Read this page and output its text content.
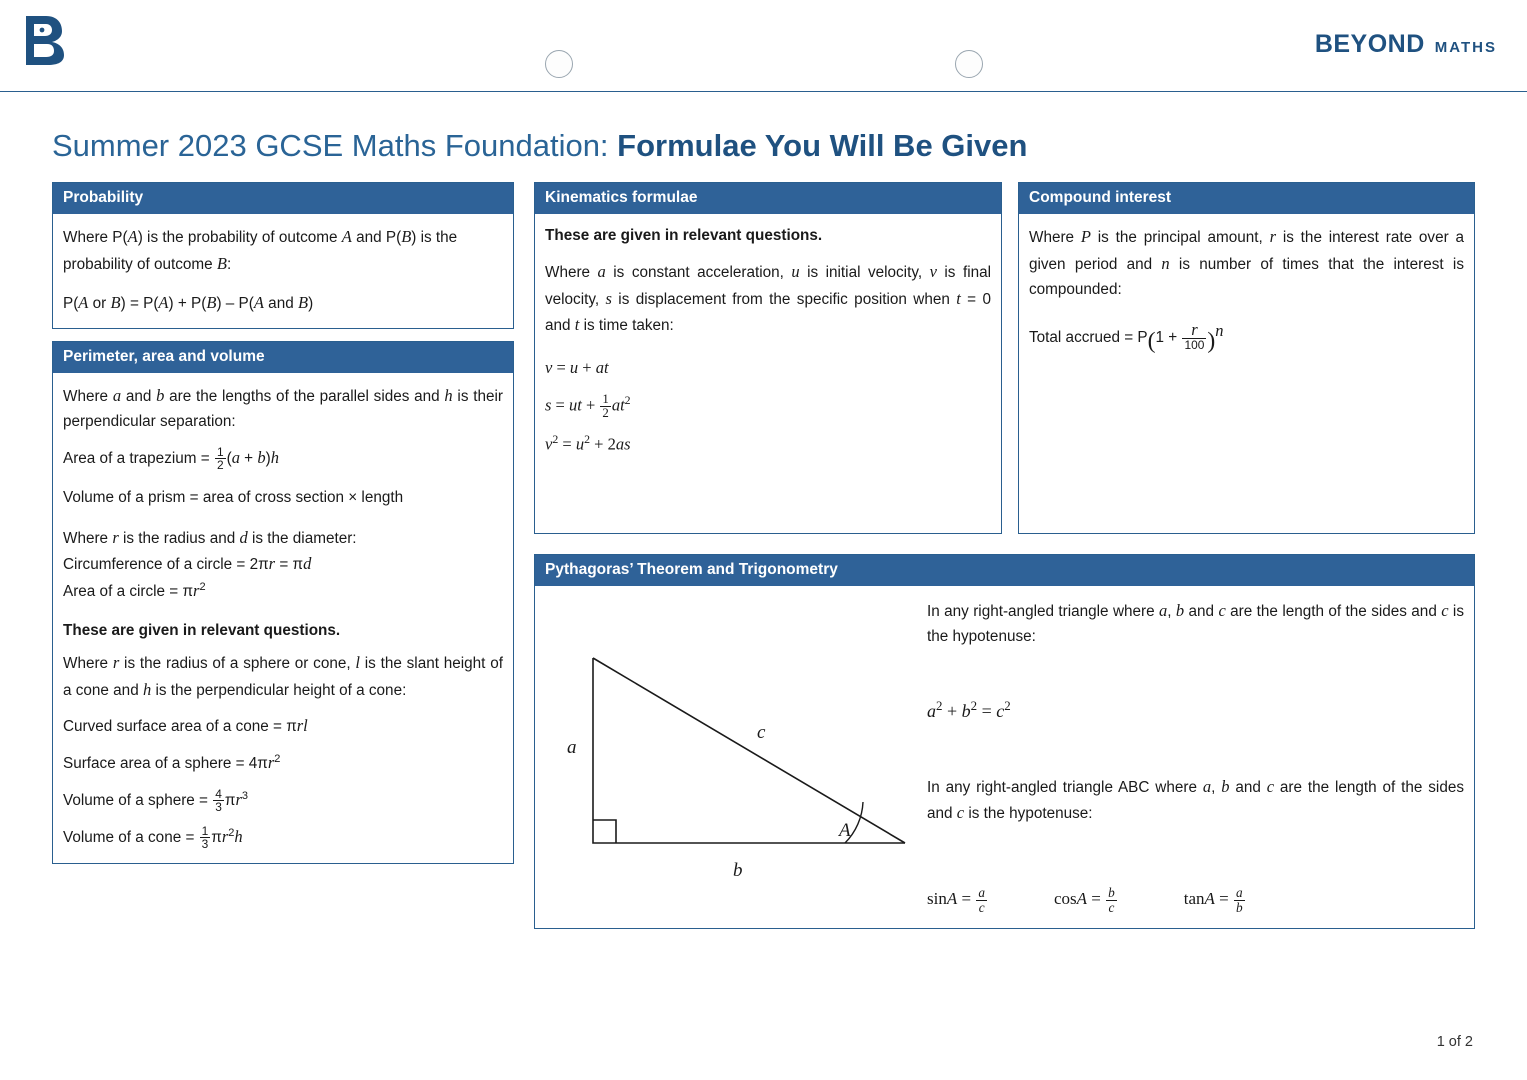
BEYOND MATHS
Summer 2023 GCSE Maths Foundation: Formulae You Will Be Given
Probability
Where P(A) is the probability of outcome A and P(B) is the probability of outcome B:
P(A or B) = P(A) + P(B) – P(A and B)
Perimeter, area and volume
Where a and b are the lengths of the parallel sides and h is their perpendicular separation:
Area of a trapezium = $\frac{1}{2} (a + b)h$
Volume of a prism = area of cross section × length
Where r is the radius and d is the diameter:
Circumference of a circle = 2πr = πd
Area of a circle = $\pi r^2$
These are given in relevant questions.
Where r is the radius of a sphere or cone, l is the slant height of a cone and h is the perpendicular height of a cone:
Curved surface area of a cone = πrl
Surface area of a sphere = $4\pi r^2$
Volume of a sphere = $\frac{4}{3} \pi r^3$
Volume of a cone = $\frac{1}{3} \pi r^2h$
Kinematics formulae
These are given in relevant questions.
Where a is constant acceleration, u is initial velocity, v is final velocity, s is displacement from the specific position when t = 0 and t is time taken:
v = u + at
s = ut + $\frac{1}{2} at^2$
$v^2 = u^2 + 2as$
Compound interest
Where P is the principal amount, r is the interest rate over a given period and n is number of times that the interest is compounded:
Total accrued = $P(1 + \frac{r}{100} )^n$
Pythagoras’ Theorem and Trigonometry
a
b
c
A
In any right-angled triangle where a, b and c are the length of the sides and c is the hypotenuse:
$a^2 + b^2 = c^2$
In any right-angled triangle ABC where a, b and c are the length of the sides and c is the hypotenuse:
$\sin A = \frac{a}{c}$	$\cos A = \frac{b}{c}$	$\tan A = \frac{a}{b}$
1 of 2
